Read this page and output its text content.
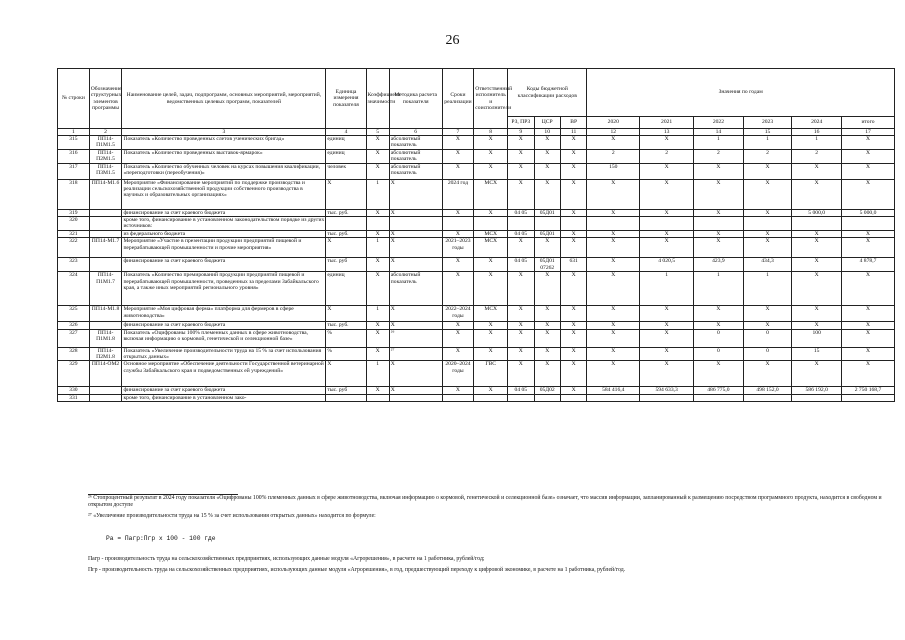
26
№ строки	Обозначение структурных элементов программы	Наименование целей, задач, подпрограмм, основных мероприятий, мероприятий, ведомственных целевых программ, показателей	Единица измерения показателя	Коэффициент значимости	Методика расчета показателя	Сроки реализации	Ответственный исполнитель и соисполнители	Коды бюджетной классификации расходов			Значения по годам					
								РЗ, ПРЗ	ЦСР	ВР	2020	2021	2022	2023	2024	итого
1	2	3	4	5	6	7	8	9	10	11	12	13	14	15	16	17
315	ПП14-П1М1.5	Показатель «Количество проведенных слетов ученических бригад»	единиц	X	абсолютный показатель	X	X	X	X	X	X	X	1	1	1	X
316	ПП14-П2М1.5	Показатель «Количество проведенных выставок-ярмарок»	единиц	X	абсолютный показатель	X	X	X	X	X	2	2	2	2	2	X
317	ПП14-П3М1.5	Показатель «Количество обученных человек на курсах повышения квалификации, «переподготовки (переобучения)»	человек	X	абсолютный показатель	X	X	X	X	X	150	X	X	X	X	X
318	ПП14-М1.6	Мероприятие «Финансирование мероприятий по поддержке производства и реализации сельскохозяйственной продукции собственного производства в научных и образовательных организациях»	X	1	X	2024 год	МСХ	X	X	X	X	X	X	X	X	X
319		финансирование за счет краевого бюджета	тыс. руб.	X	X	X	X	04 05	05Д01	X	X	X	X	X	5 000,0	5 000,0
320		кроме того, финансирование в установленном законодательством порядке из других источников:														
321		из федерального бюджета	тыс. руб.	X	X	X	МСХ	04 05	05Д01	X	X	X	X	X	X	X
322	ПП14-М1.7	Мероприятие «Участие в презентации продукции предприятий пищевой и перерабатывающей промышленности и прочие мероприятия»	X	1	X	2021–2023 годы	МСХ	X	X	X	X	X	X	X	X	X
323		финансирование за счет краевого бюджета	тыс. руб	X	X	X	X	04 05	05Д01 07262	631	X	4 020,5	423,9	434,3	X	4 878,7
324	ПП14-П1М1.7	Показатель «Количество премирований продукции предприятий пищевой и перерабатывающей промышленности, проведенных за пределами Забайкальского края, а также иных мероприятий регионального уровня»	единиц	X	абсолютный показатель	X	X	X	X	X	X	1	1	1	X	X
325	ПП14-М1.8	Мероприятие «Моя цифровая ферма» платформа для фермеров в сфере животноводства»	X	1	X	2022–2024 годы	МСХ	X	X	X	X	X	X	X	X	X
326		финансирование за счет краевого бюджета	тыс. руб.	X	X	X	X	X	X	X	X	X	X	X	X	X
327	ПП14-П1М1.8	Показатель «Оцифрованы 100% племенных данных в сфере животноводства, включая информацию о кормовой, генетической и селекционной базе»	%	X	²⁶	X	X	X	X	X	X	X	0	0	100	X
328	ПП14-П2М1.8	Показатель «Увеличение производительности труда на 15 % за счет использования открытых данных»	%	X	²⁷	X	X	X	X	X	X	X	0	0	15	X
329	ПП14-ОМ2	Основное мероприятие «Обеспечение деятельности Государственной ветеринарной службы Забайкальского края и подведомственных ей учреждений»	X	1	X	2020–2024 годы	ГВС	X	X	X	X	X	X	X	X	X
330		финансирование за счет краевого бюджета	тыс. руб	X	X	X	X	04 05	05Д02	X	584 416,4	594 633,3	486 775,0	498 152,0	586 192,0	2 750 168,7
331		кроме того, финансирование в установленном зако-														
²⁶ Стопроцентный результат в 2024 году показателя «Оцифрованы 100% племенных данных в сфере животноводства, включая информацию о кормовой, генетической и селекционной базе» означает, что массив информации, запланированный к размещению посредством программного продукта, находится в свободном и открытом доступе
²⁷ «Увеличение производительности труда на 15 % за счет использования открытых данных» находится по формуле:
Ра = Пагр:Пгр х 100 - 100 где
Пагр - производительность труда на сельскохозяйственных предприятиях, использующих данные модуля «Агрорешения», в расчете на 1 работника, рублей/год;
Пгр - производительность труда на сельскохозяйственных предприятиях, использующих данные модуля «Агрорешения», в год, предшествующий переходу к цифровой экономике, в расчете на 1 работника, рублей/год.
